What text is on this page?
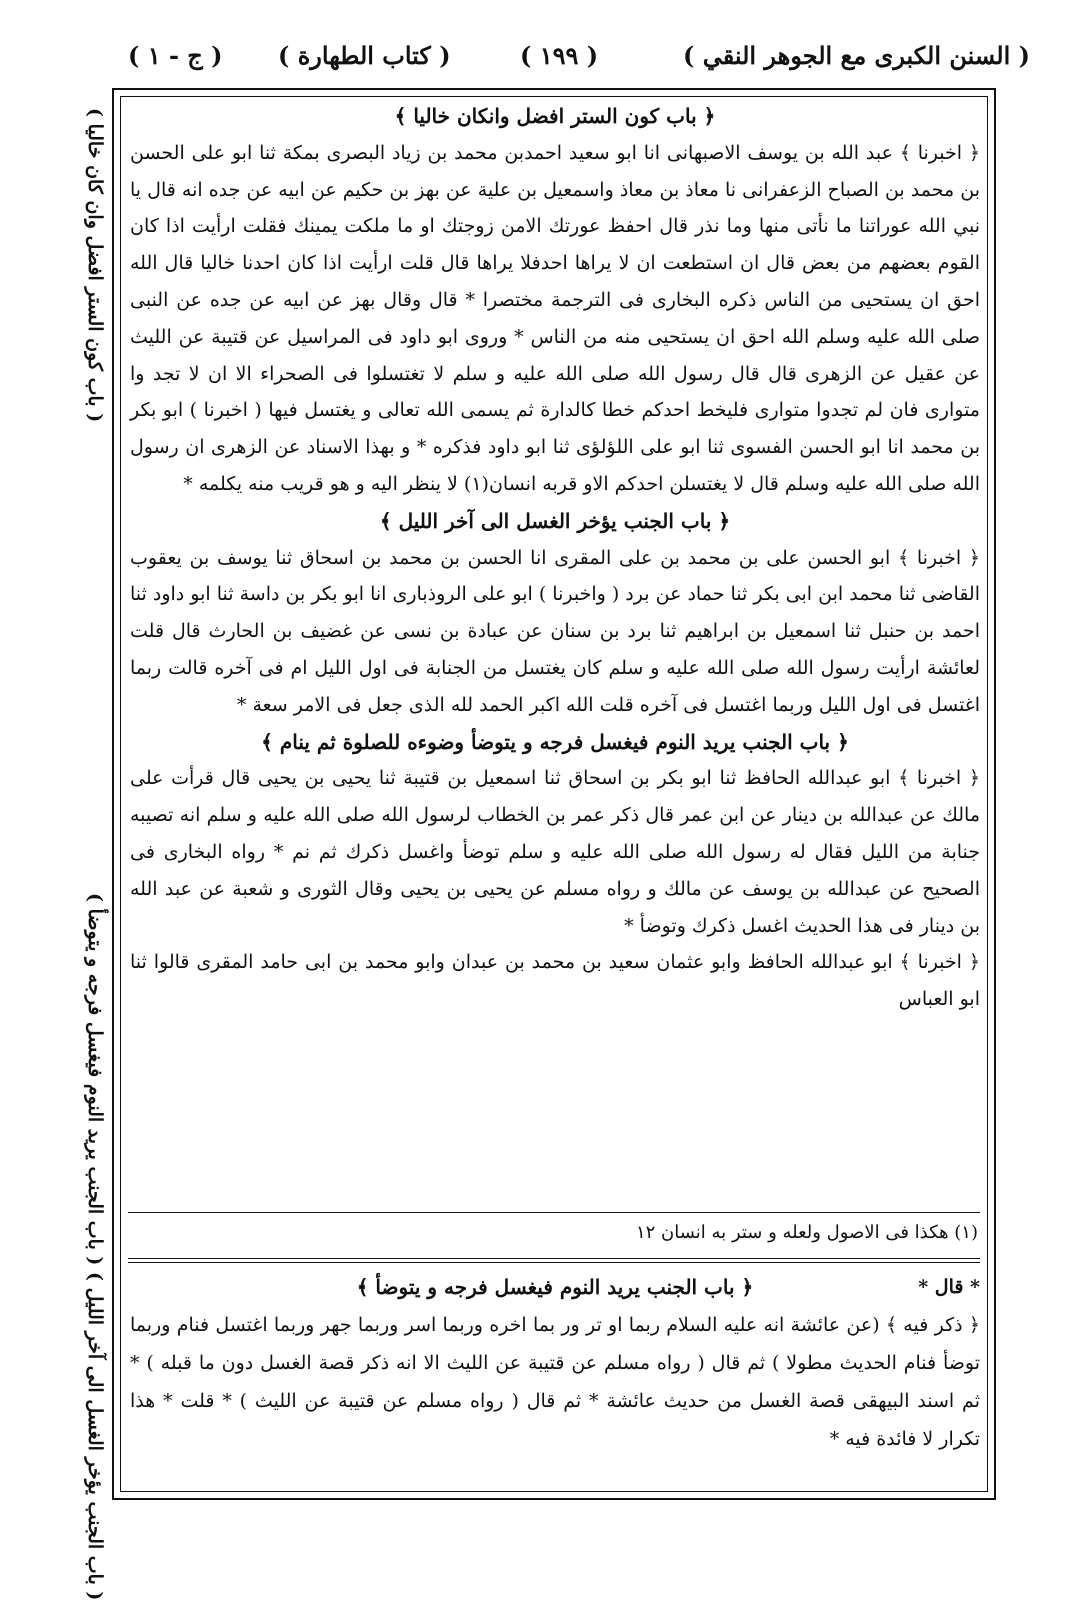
( السنن الكبرى مع الجوهر النقي )
( ١٩٩ )
( كتاب الطهارة )
( ج - ١ )
( باب كون الستر افضل وان كان خاليا )
( باب الجنب يؤخر الغسل الى آخر الليل ) ( باب الجنب يريد النوم فيغسل فرجه و يتوضأ )

﴿ باب كون الستر افضل وانكان خاليا ﴾

﴿ اخبرنا ﴾ عبد الله بن يوسف الاصبهانى انا ابو سعيد احمدبن محمد بن زياد البصرى بمكة ثنا ابو على الحسن بن محمد بن الصباح الزعفرانى نا معاذ بن معاذ واسمعيل بن علية عن بهز بن حكيم عن ابيه عن جده انه قال يا نبي الله عوراتنا ما نأتى منها وما نذر قال احفظ عورتك الامن زوجتك او ما ملكت يمينك فقلت ارأيت اذا كان القوم بعضهم من بعض قال ان استطعت ان لا يراها احدفلا يراها قال قلت ارأيت اذا كان احدنا خاليا قال الله احق ان يستحيى من الناس ذكره البخارى فى الترجمة مختصرا * قال وقال بهز عن ابيه عن جده عن النبى صلى الله عليه وسلم الله احق ان يستحيى منه من الناس * وروى ابو داود فى المراسيل عن قتيبة عن الليث عن عقيل عن الزهرى قال قال رسول الله صلى الله عليه و سلم لا تغتسلوا فى الصحراء الا ان لا تجد وا متوارى فان لم تجدوا متوارى فليخط احدكم خطا كالدارة ثم يسمى الله تعالى و يغتسل فيها ( اخبرنا ) ابو بكر بن محمد انا ابو الحسن الفسوى ثنا ابو على اللؤلؤى ثنا ابو داود فذكره * و بهذا الاسناد عن الزهرى ان رسول الله صلى الله عليه وسلم قال لا يغتسلن احدكم الاو قربه انسان(١) لا ينظر اليه و هو قريب منه يكلمه *

﴿ باب الجنب يؤخر الغسل الى آخر الليل ﴾

﴿ اخبرنا ﴾ ابو الحسن على بن محمد بن على المقرى انا الحسن بن محمد بن اسحاق ثنا يوسف بن يعقوب القاضى ثنا محمد ابن ابى بكر ثنا حماد عن برد ( واخبرنا ) ابو على الروذبارى انا ابو بكر بن داسة ثنا ابو داود ثنا احمد بن حنبل ثنا اسمعيل بن ابراهيم ثنا برد بن سنان عن عبادة بن نسى عن غضيف بن الحارث قال قلت لعائشة ارأيت رسول الله صلى الله عليه و سلم كان يغتسل من الجنابة فى اول الليل ام فى آخره قالت ربما اغتسل فى اول الليل وربما اغتسل فى آخره قلت الله اكبر الحمد لله الذى جعل فى الامر سعة *

﴿ باب الجنب يريد النوم فيغسل فرجه و يتوضأ وضوءه للصلوة ثم ينام ﴾

﴿ اخبرنا ﴾ ابو عبدالله الحافظ ثنا ابو بكر بن اسحاق ثنا اسمعيل بن قتيبة ثنا يحيى بن يحيى قال قرأت على مالك عن عبدالله بن دينار عن ابن عمر قال ذكر عمر بن الخطاب لرسول الله صلى الله عليه و سلم انه تصيبه جنابة من الليل فقال له رسول الله صلى الله عليه و سلم توضأ واغسل ذكرك ثم نم * رواه البخارى فى الصحيح عن عبدالله بن يوسف عن مالك و رواه مسلم عن يحيى بن يحيى وقال الثورى و شعبة عن عبد الله بن دينار فى هذا الحديث اغسل ذكرك وتوضأ *

﴿ اخبرنا ﴾ ابو عبدالله الحافظ وابو عثمان سعيد بن محمد بن عبدان وابو محمد بن ابى حامد المقرى قالوا ثنا ابو العباس

(١) هكذا فى الاصول ولعله و ستر به انسان ١٢
* قال *

﴿ باب الجنب يريد النوم فيغسل فرجه و يتوضأ ﴾

﴿ ذكر فيه ﴾ (عن عائشة انه عليه السلام ربما او تر ور بما اخره وربما اسر وربما جهر وربما اغتسل فنام وربما توضأ فنام الحديث مطولا ) ثم قال ( رواه مسلم عن قتيبة عن الليث الا انه ذكر قصة الغسل دون ما قبله ) * ثم اسند البيهقى قصة الغسل من حديث عائشة * ثم قال ( رواه مسلم عن قتيبة عن الليث ) * قلت * هذا تكرار لا فائدة فيه *
